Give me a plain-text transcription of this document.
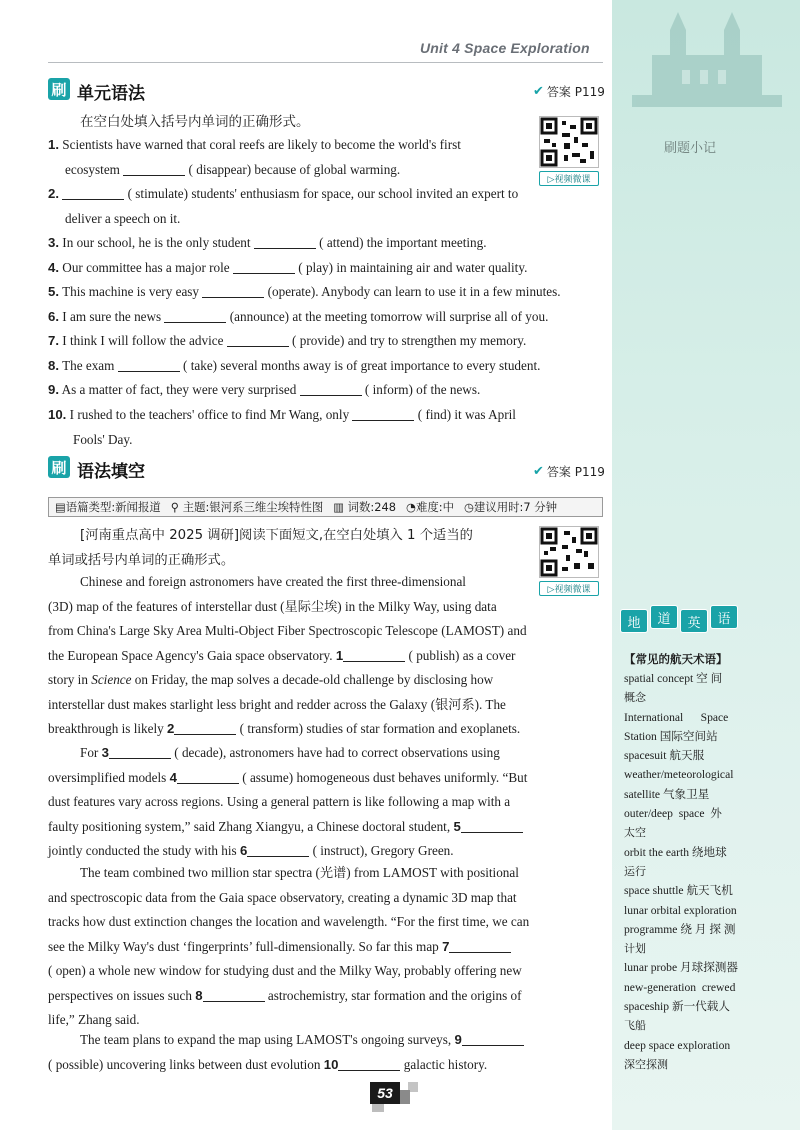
刷题小记
Unit 4 Space Exploration
刷 单元语法	✔ 答案 P119
在空白处填入括号内单词的正确形式。
▷视频微课
1. Scientists have warned that coral reefs are likely to become the world's first
ecosystem	( disappear) because of global warming.
2.	( stimulate) students' enthusiasm for space, our school invited an expert to
deliver a speech on it.
3. In our school, he is the only student	( attend) the important meeting.
4. Our committee has a major role	( play) in maintaining air and water quality.
5. This machine is very easy	(operate). Anybody can learn to use it in a few minutes.
6. I am sure the news	(announce) at the meeting tomorrow will surprise all of you.
7. I think I will follow the advice	( provide) and try to strengthen my memory.
8. The exam	( take) several months away is of great importance to every student.
9. As a matter of fact, they were very surprised	( inform) of the news.
10. I rushed to the teachers' office to find Mr Wang, only	( find) it was April
Fools' Day.
刷 语法填空	✔ 答案 P119
▤语篇类型:新闻报道 ⚲ 主题:银河系三维尘埃特性图 ▥ 词数:248 ◔难度:中 ◷建议用时:7 分钟
▷视频微课
[河南重点高中 2025 调研]阅读下面短文,在空白处填入 1 个适当的
单词或括号内单词的正确形式。
Chinese and foreign astronomers have created the first three-dimensional
(3D) map of the features of interstellar dust (星际尘埃) in the Milky Way, using data
from China's Large Sky Area Multi-Object Fiber Spectroscopic Telescope (LAMOST) and
the European Space Agency's Gaia space observatory. 1	( publish) as a cover
story in Science on Friday, the map solves a decade-old challenge by disclosing how
interstellar dust makes starlight less bright and redder across the Galaxy (银河系). The
breakthrough is likely 2	( transform) studies of star formation and exoplanets.
For 3	( decade), astronomers have had to correct observations using
oversimplified models 4	( assume) homogeneous dust behaves uniformly. “But
dust features vary across regions. Using a general pattern is like following a map with a
faulty positioning system,” said Zhang Xiangyu, a Chinese doctoral student, 5
jointly conducted the study with his 6	( instruct), Gregory Green.
The team combined two million star spectra (光谱) from LAMOST with positional
and spectroscopic data from the Gaia space observatory, creating a dynamic 3D map that
tracks how dust extinction changes the location and wavelength. “For the first time, we can
see the Milky Way's dust ‘fingerprints’ full-dimensionally. So far this map 7
( open) a whole new window for studying dust and the Milky Way, probably offering new
perspectives on issues such 8	astrochemistry, star formation and the origins of
life,” Zhang said.
The team plans to expand the map using LAMOST's ongoing surveys, 9
( possible) uncovering links between dust evolution 10	galactic history.
地	道	英	语
【常见的航天术语】
spatial concept 空 间
概念
International      Space
Station 国际空间站
spacesuit 航天服
weather/meteorological
satellite 气象卫星
outer/deep  space  外
太空
orbit the earth 绕地球
运行
space shuttle 航天飞机
lunar orbital exploration
programme 绕 月 探 测
计划
lunar probe 月球探测器
new-generation  crewed
spaceship 新一代载人
飞船
deep space exploration
深空探测
53
